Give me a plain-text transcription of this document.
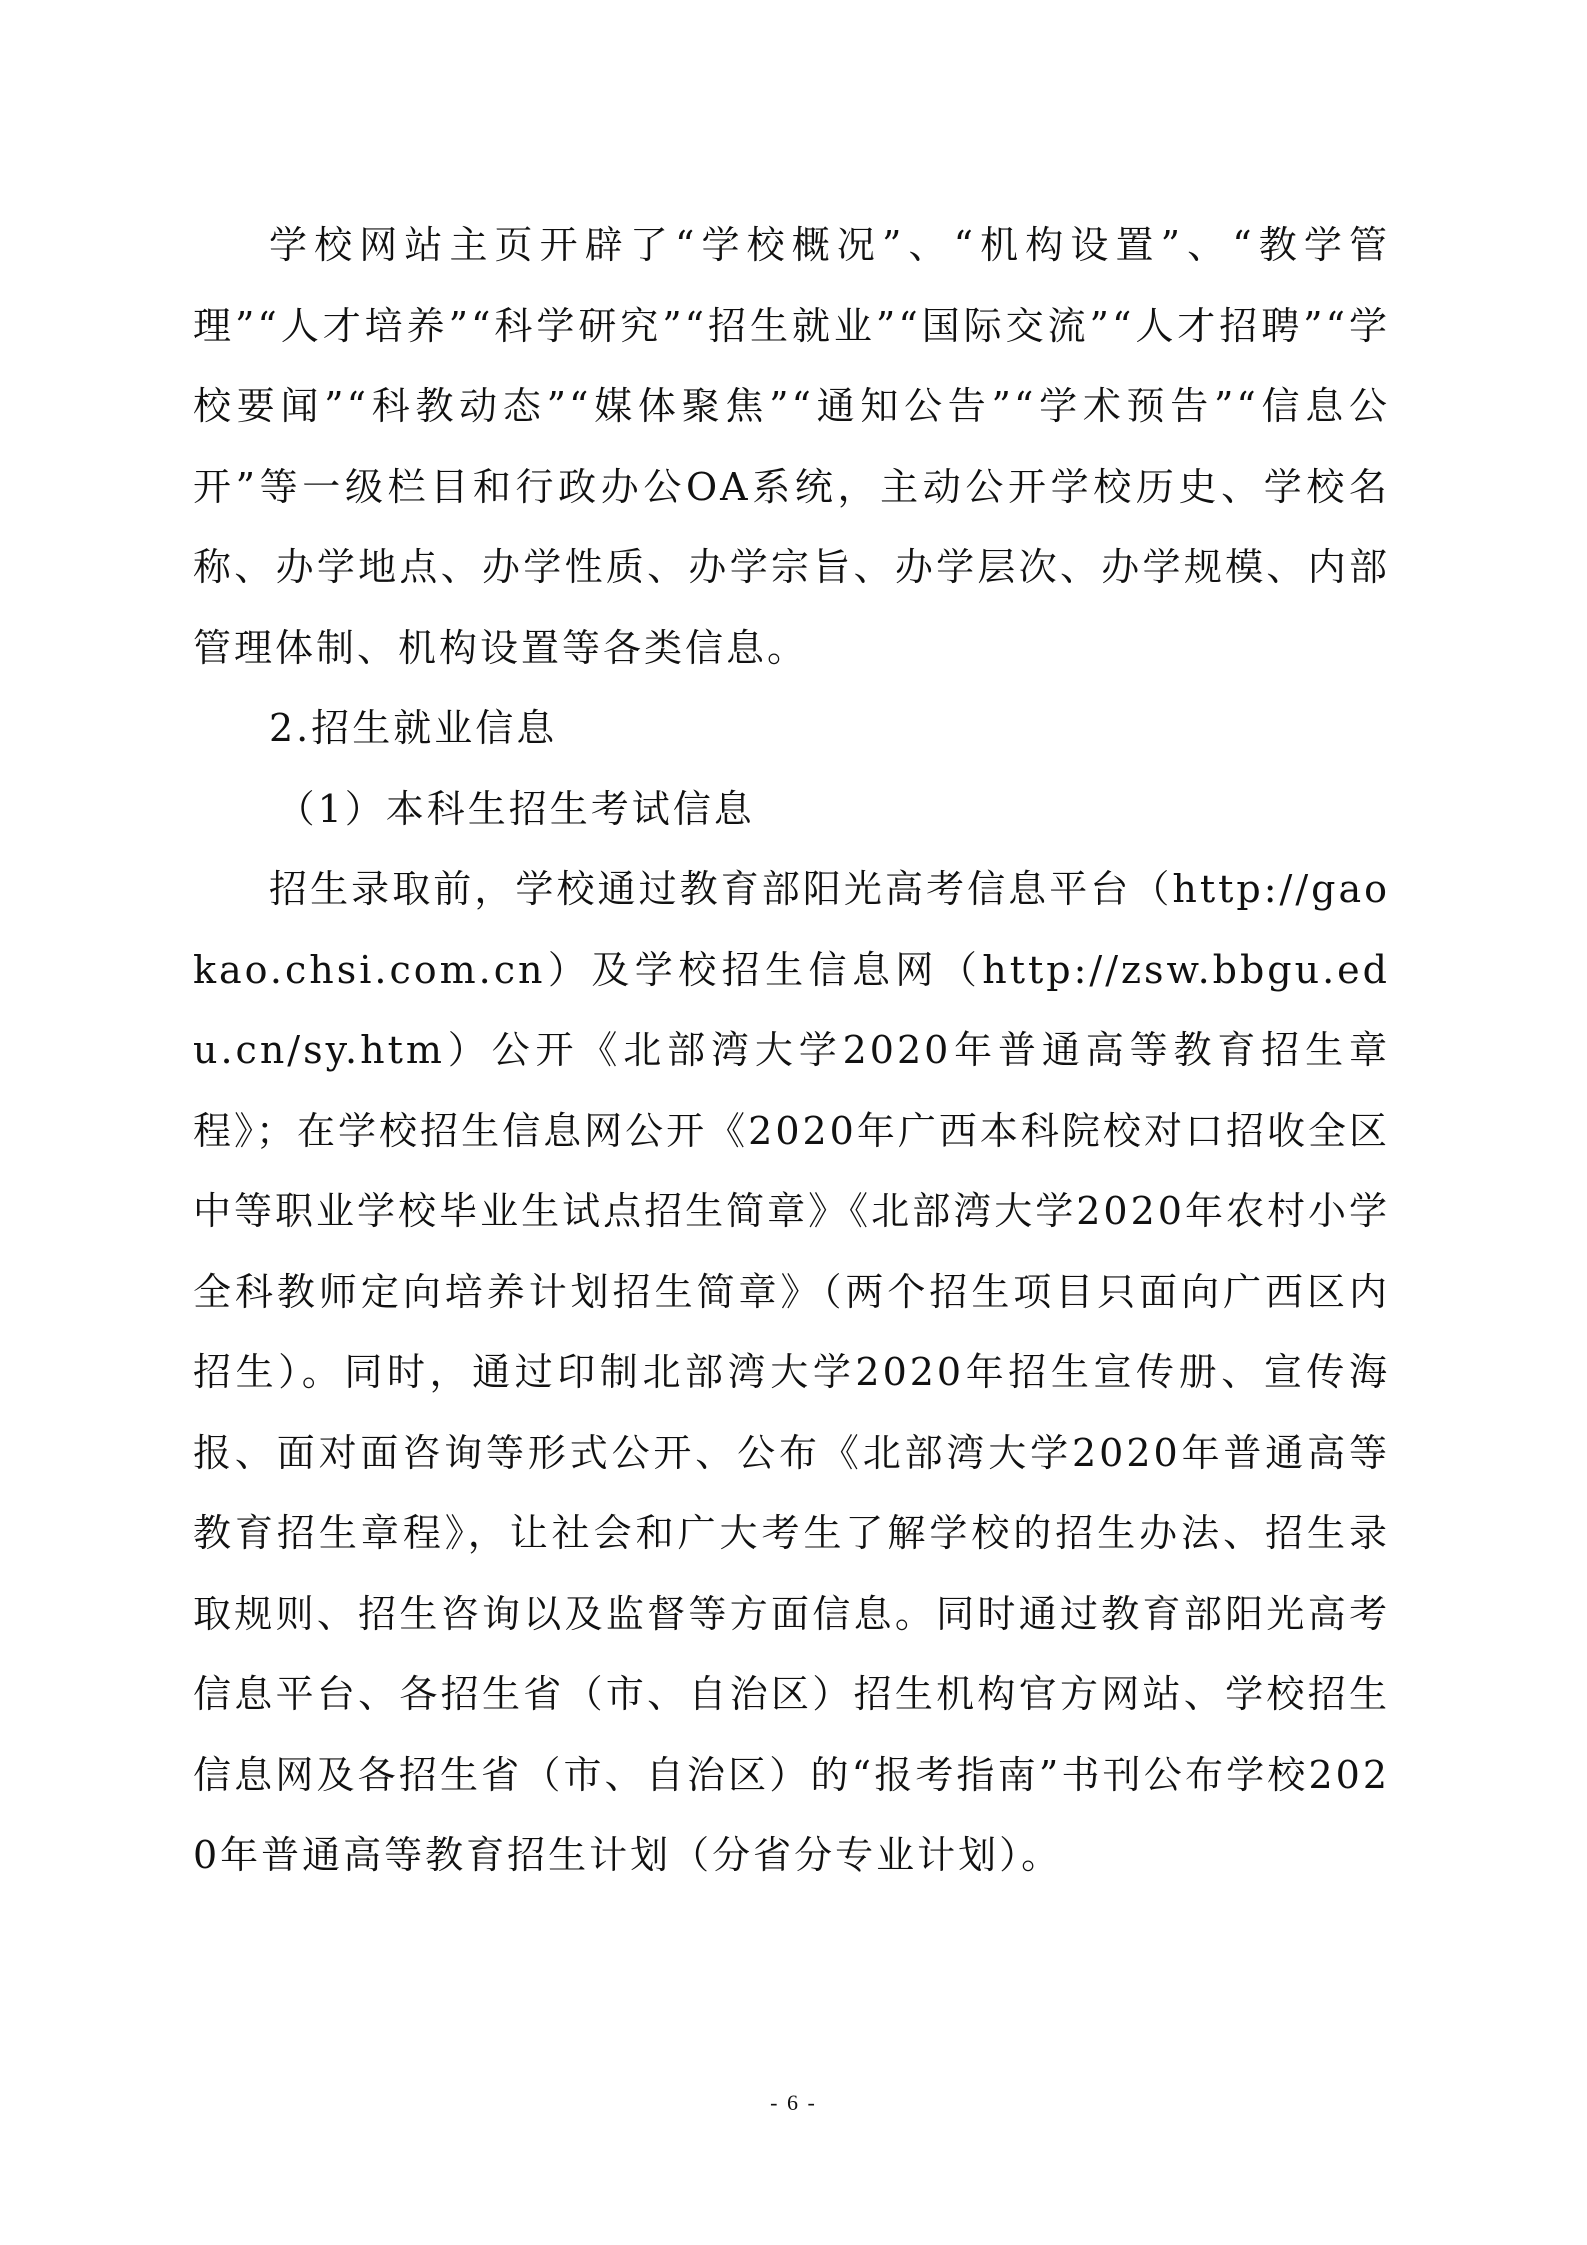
学校网站主页开辟了“学校概况”、“机构设置”、“教学管理”“人才培养”“科学研究”“招生就业”“国际交流”“人才招聘”“学校要闻”“科教动态”“媒体聚焦”“通知公告”“学术预告”“信息公开”等一级栏目和行政办公OA系统，主动公开学校历史、学校名称、办学地点、办学性质、办学宗旨、办学层次、办学规模、内部管理体制、机构设置等各类信息。

2.招生就业信息

（1）本科生招生考试信息

招生录取前，学校通过教育部阳光高考信息平台（http://gaokao.chsi.com.cn）及学校招生信息网（http://zsw.bbgu.edu.cn/sy.htm）公开《北部湾大学2020年普通高等教育招生章程》；在学校招生信息网公开《2020年广西本科院校对口招收全区中等职业学校毕业生试点招生简章》《北部湾大学2020年农村小学全科教师定向培养计划招生简章》（两个招生项目只面向广西区内招生）。同时，通过印制北部湾大学2020年招生宣传册、宣传海报、面对面咨询等形式公开、公布《北部湾大学2020年普通高等教育招生章程》，让社会和广大考生了解学校的招生办法、招生录取规则、招生咨询以及监督等方面信息。同时通过教育部阳光高考信息平台、各招生省（市、自治区）招生机构官方网站、学校招生信息网及各招生省（市、自治区）的“报考指南”书刊公布学校2020年普通高等教育招生计划（分省分专业计划）。

- 6 -
